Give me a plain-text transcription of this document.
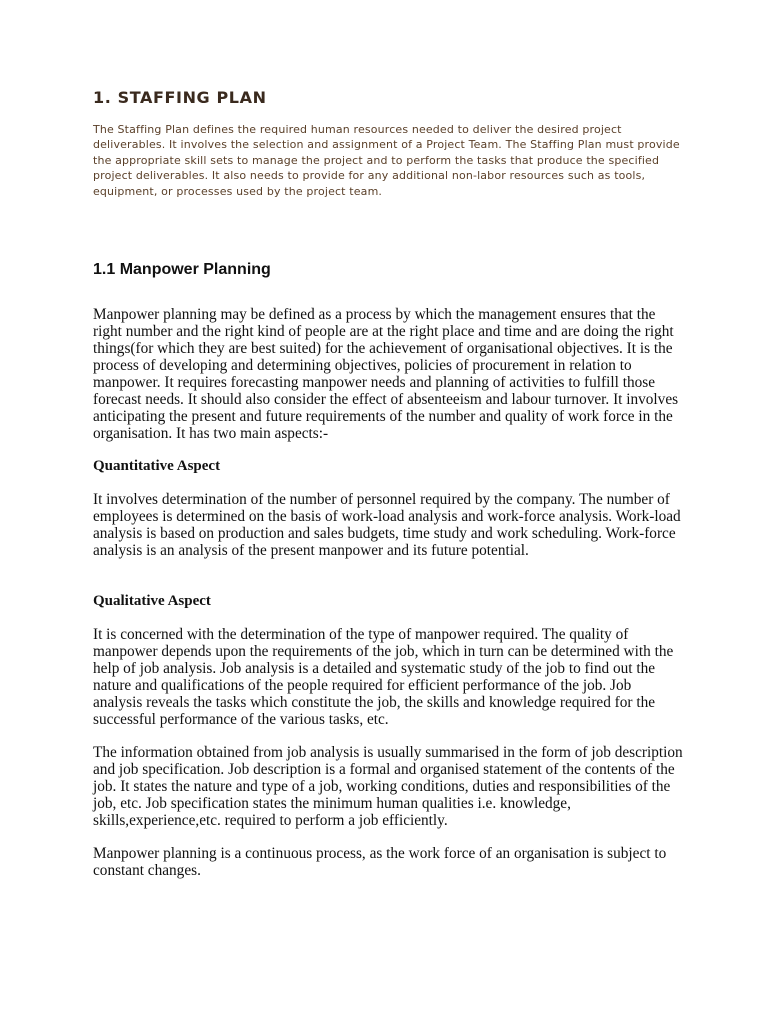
1. STAFFING PLAN

The Staffing Plan defines the required human resources needed to deliver the desired project deliverables. It involves the selection and assignment of a Project Team. The Staffing Plan must provide the appropriate skill sets to manage the project and to perform the tasks that produce the specified project deliverables. It also needs to provide for any additional non-labor resources such as tools, equipment, or processes used by the project team.

1.1 Manpower Planning

Manpower planning may be defined as a process by which the management ensures that the right number and the right kind of people are at the right place and time and are doing the right things(for which they are best suited) for the achievement of organisational objectives. It is the process of developing and determining objectives, policies of procurement in relation to manpower. It requires forecasting manpower needs and planning of activities to fulfill those forecast needs. It should also consider the effect of absenteeism and labour turnover. It involves anticipating the present and future requirements of the number and quality of work force in the organisation. It has two main aspects:-

Quantitative Aspect

It involves determination of the number of personnel required by the company. The number of employees is determined on the basis of work-load analysis and work-force analysis. Work-load analysis is based on production and sales budgets, time study and work scheduling. Work-force analysis is an analysis of the present manpower and its future potential.

Qualitative Aspect

It is concerned with the determination of the type of manpower required. The quality of manpower depends upon the requirements of the job, which in turn can be determined with the help of job analysis. Job analysis is a detailed and systematic study of the job to find out the nature and qualifications of the people required for efficient performance of the job. Job analysis reveals the tasks which constitute the job, the skills and knowledge required for the successful performance of the various tasks, etc.

The information obtained from job analysis is usually summarised in the form of job description and job specification. Job description is a formal and organised statement of the contents of the job. It states the nature and type of a job, working conditions, duties and responsibilities of the job, etc. Job specification states the minimum human qualities i.e. knowledge, skills,experience,etc. required to perform a job efficiently.

Manpower planning is a continuous process, as the work force of an organisation is subject to constant changes.
